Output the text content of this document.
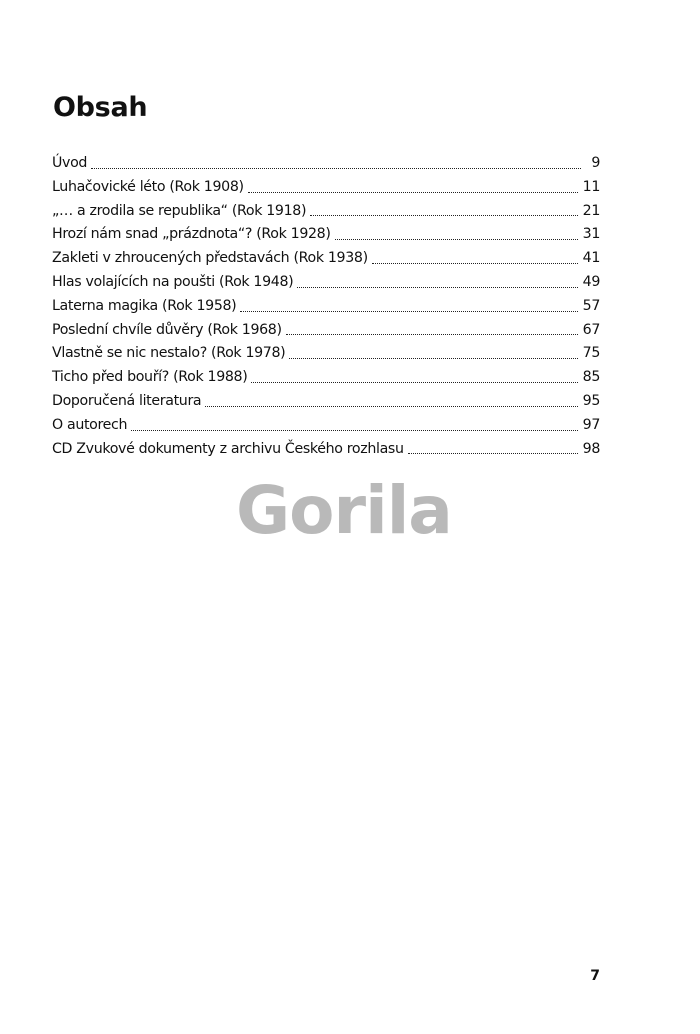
Obsah
Úvod	9
Luhačovické léto (Rok 1908)	11
„… a zrodila se republika“ (Rok 1918)	21
Hrozí nám snad „prázdnota“? (Rok 1928)	31
Zakleti v zhroucených představách (Rok 1938)	41
Hlas volajících na poušti (Rok 1948)	49
Laterna magika (Rok 1958)	57
Poslední chvíle důvěry (Rok 1968)	67
Vlastně se nic nestalo? (Rok 1978)	75
Ticho před bouří? (Rok 1988)	85
Doporučená literatura	95
O autorech	97
CD Zvukové dokumenty z archivu Českého rozhlasu	98
Gorila
7
